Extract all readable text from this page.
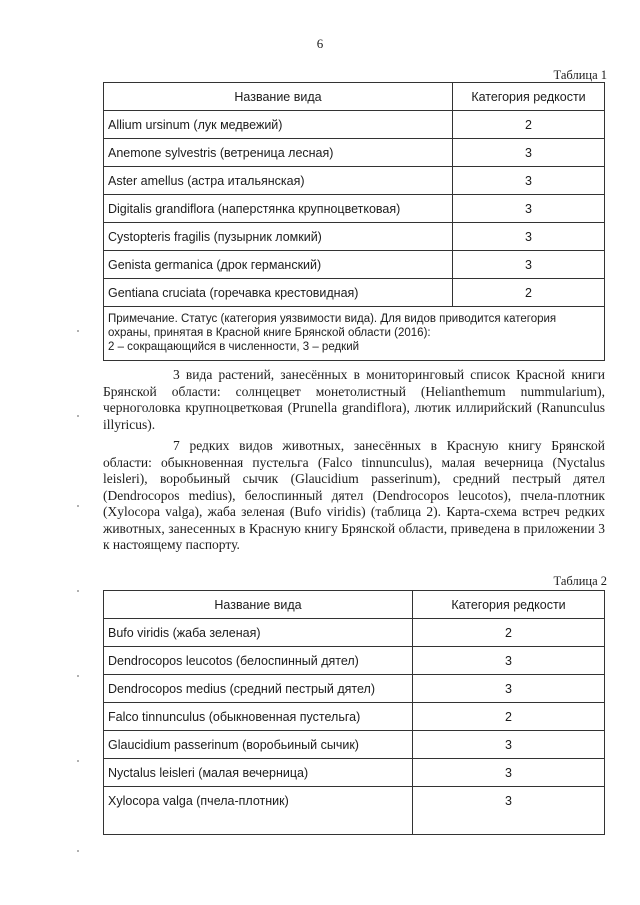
6
Таблица 1
Название вида	Категория редкости
Allium ursinum (лук медвежий)	2
Anemone sylvestris (ветреница лесная)	3
Aster amellus (астра итальянская)	3
Digitalis grandiflora (наперстянка крупноцветковая)	3
Cystopteris fragilis (пузырник ломкий)	3
Genista germanica (дрок германский)	3
Gentiana cruciata (горечавка крестовидная)	2

Примечание. Статус (категория уязвимости вида). Для видов приводится категория
охраны, принятая в Красной книге Брянской области (2016):
2 – сокращающийся в численности, 3 – редкий	

3 вида растений, занесённых в мониторинговый список Красной книги Брянской области: солнцецвет монетолистный (Helianthemum nummularium), черноголовка крупноцветковая (Prunella grandiflora), лютик иллирийский (Ranunculus illyricus).

7 редких видов животных, занесённых в Красную книгу Брянской области: обыкновенная пустельга (Falco tinnunculus), малая вечерница (Nyctalus leisleri), воробьиный сычик (Glaucidium passerinum), средний пестрый дятел (Dendrocopos medius), белоспинный дятел (Dendrocopos leucotos), пчела-плотник (Xylocopa valga), жаба зеленая (Bufo viridis) (таблица 2). Карта-схема встреч редких животных, занесенных в Красную книгу Брянской области, приведена в приложении 3 к настоящему паспорту.

Таблица 2
Название вида	Категория редкости
Bufo viridis (жаба зеленая)	2
Dendrocopos leucotos (белоспинный дятел)	3
Dendrocopos medius (средний пестрый дятел)	3
Falco tinnunculus (обыкновенная пустельга)	2
Glaucidium passerinum (воробьиный сычик)	3
Nyctalus leisleri (малая вечерница)	3
Xylocopa valga (пчела-плотник)	3
